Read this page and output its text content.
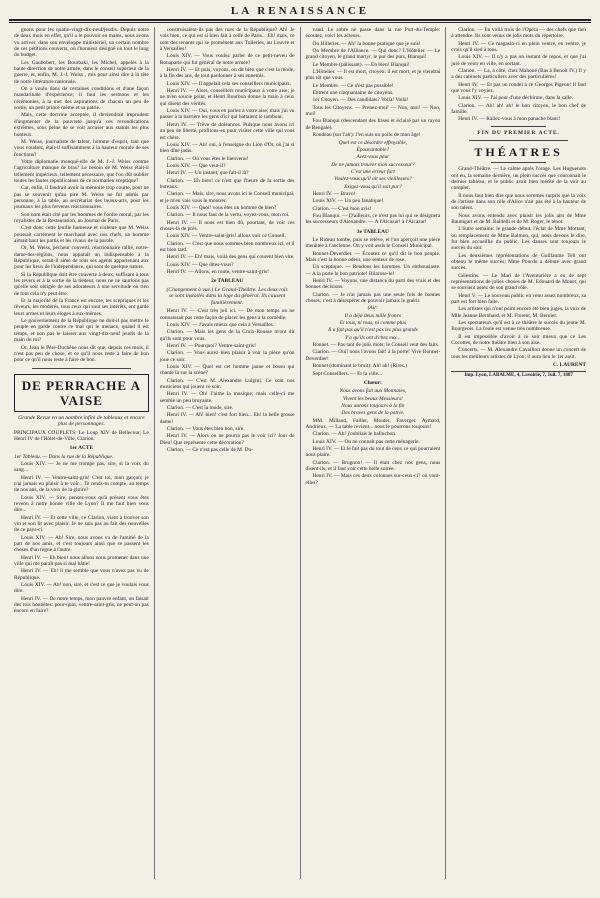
LA RENAISSANCE

gnons pour les quatre-vingt-dix-neuf/jeudis. Depuis notre de deux mois en effet, qu'il a le pouvoir en mains, nous avons vu arriver, dans son enveloppe ministériel, un certain nombre de ces pétitions couverts, où l'honneur désigné où tout le long du budget.

Les Gaubobert, les Bourbaki, les Michel, appelés à la haute direction de notre armée, dans le conseil supérieur de la guerre, et, enfin, M. J.-J. Weiss , mis pour ainsi dire à la tête de notre littérature nationale.

On a voulu dans de certaines conditions et d'une façon mandarinale d'expérience; il faut les sermons et les cérémonies, à la mer des aspirations de chacun un peu de sortie, un petit prince même et sa patrie.

Mais, cette doctrine acceptée, il deviendrait imprudent d'augmenter de la pauvreté jusqu'à ces revendications extrêmes, sous peine de se voir accuser aux statuts les plus honteux.

M. Weiss, journaliste de talent, homme d'esprit, tant que vous voudrez, était-il suffisamment à la hauteur morale de ses fonctions?

Votre diplomatie monqué-elle de M. J.-J. Weiss comme l'agriculture manque de bras? Le besoin de M. Weiss était-il tellement impérieux, tellement nécessaire, que l'on dût oublier toutes les fautes républicaines de ce normalien sceptique?

Car, enfin, il faudrait avoir la mémoire trop courte, pour ne pas se souvenir qu'au pire M. Weiss ne fut admis par personne, à la table, au secrétariat des beaux-arts, pour les journaux les plus fervents réactionnaires.

Son nom était cité par les hommes de l'ordre moral, par les royalistes de la Restauration, au Journal de Paris.

C'est donc cette feuille humeuse et violente que M. Weiss poussait carrément le marchand avec nos chefs, un homme aimait haut les partis et les rivaux de la parole.

Or, M. Weiss, pécheur converti, réactionnaire rallié, notre-dame-des-régions, nous apparaît un indispensable à la République, serait-il aimé de tous ses agents appartenant aux pour les lieux de l'indépendance, qui sont de quelque nature.

Si la République doit être couverte à deux, suffisant à tous les revers et à la sortie de la tiédeur, nous ne ne saurions pas qu'elle soit obligée de ses adorateurs à une servitude où rien de tout cela n'y peut être.

Et la majorité de la France est encore, les sceptiques et les rêveurs, les modérés, tous ceux qui sont ses intérêts, ont gardé leurs armes et leurs éloges à eux-mêmes.

Le gouvernement de la République ne doit-il pas mettre le peuple en garde contre ce mal qui le menace, quand il est temps, et non pas le laisser aux vingt-dix-neuf jeudis de la main du roi?

Or, Jean le Père-Duchêne nous dit que, depuis ces mois, il n'est pas peu de chose, et ce qu'il nous reste à faire de bon pour ce qu'il nous reste à faire de bon.

DE PERRACHE A VAISE
Grande Revue en un nombre infini de tableaux et encore plus de personnages.

PRINCIPAUX COUPLETS: Le Loup XIV de Bellecour, Le Henri IV de l'Hôtel-de-Ville, Clarion.

1er ACTE

1er Tableau. — Dans la rue de la République.

Louis XIV. — Je ne me trompe pas, sire, si la voix du sang...

Henri IV. — Ventre-saint-gris! C'est toi, mon garçon; je n'ai jamais eu plaisir à te voir... Te rends-tu compte, au temps de nos ans, de la voix de la gloire?

Louis XIV. — Sire, pensez-vous qu'à présent vous êtes revenu à notre bonne ville de Lyon? Il me faut bien vous dire...

Henri IV. — Et cette ville, ce Clarion, vient à trouver son vin et son lit avec plaisir. Je ne suis pas au fait des nouvelles de ce pays-ci.

Louis XIV. — Ah! Sire, nous avons vu de l'amitié de la part de nos amis, et c'est toujours ainsi que se passent les choses d'un règne à l'autre.

Henri IV. — Eh bien! nous allons nous promener dans une ville qui me paraît pas si mal bâtie!

Henri IV. — Eh! il me semble que vous n'avez pas vu de République.

Louis XIV. — Ah! non, sire, et c'est ce que je voulais vous dire.

Henri IV. — De notre temps, mon pauvre enfant, on faisait des rois honnêtes: pour-quoi, ventre-saint-gris, ne peut-on pas encore en faire?

construisaient-ils pas des rues de la République? Ah! Je vois bien, ce qui est si bien fait à celle de Paris... Eh! mais, ce sont des tenants qui se promènent aux Tuileries, au Louvre et à Versailles!

Louis XIV. — Vous voulez parler de ce petit-neveu de Bonaparte qui fut général de notre armée?

Henri IV. — Et puis, voyons, on dit bien que c'est la mode, à la fin des ans, de tout pardonner à ses ennemis.

Louis XIV. — Il appelait cela ses conseillers municipaux.

Henri IV. — Alors, conseillers municipaux à votre aise; je ne m'en soucie point, et Henri Bourbon donne la main à ceux qui disent des vérités.

Louis XIV. — Oui, vous en parlez à votre aise; mais j'ai vu passer à la barrière les gens d'ici qui battaient le tambour.

Henri IV. — Trêve de doléances. Puisque nous avons ici un peu de liberté, profitons-en pour visiter cette ville qui vous est chère.

Louis XIV. — Ah! oui, à l'enseigne du Lion d'Or, où j'ai si bien dîné jadis.

Clarion. — Où vous êtes le bienvenu!

Louis XIV. — Que veut-il?

Henri IV. — Un instant, que fait-il là?

Clarion. — Eh bien! ce n'est que l'heure de la sortie des bureaux.

Clarion. — Mais, sire, nous avons ici le Conseil municipal, et je m'en vais vous le montrer.

Louis XIV. — Quoi! vous êtes un homme de bien?

Clarion. — Il nous faut de la vertu, voyez-vous, mon roi.

Henri IV. — Il nous est bien dû, pourtant, de voir ces choses-là de près.

Louis XIV. — Ventre-saint-gris! allons voir ce Conseil.

Clarion. — C'est que nous sommes bien nombreux ici, et il est bien tard.

Henri IV. — Eh! mais, voilà des gens qui courent bien vite.

Louis XIV. — Que dites-vous?

Henri IV. — Allons, en route, ventre-saint-gris!

2e TABLEAU
(Changement à vue.) Le Grand-Théâtre. Les deux rois se sont installés dans la loge du général. Ils causent familièrement.

Henri IV. — C'est très joli ici. — De mon temps on ne connaissait pas cette façon de placer les gens à la comédie.

Louis XIV. — J'avais mieux que cela à Versailles.

Clarion. — Mais les gens de la Croix-Rousse m'ont dit qu'ils sont pour vous.

Henri IV. — Pourquoi? Ventre-saint-gris!

Clarion. — Vous aurez bien plaisir à voir la pièce qu'on joue ce soir.

Louis XIV. — Quel est cet homme jaune et bossu qui chante là sur la scène?

Clarion. — C'est M. Alexandre Luigini. Ce sont nos musiciens qui jouent ce soir.

Henri IV. — Oh! J'aime la musique; mais celle-ci me semble un peu bruyante.

Clarion. — C'est la mode, sire.

Henri IV. — Ah! bien! c'est fort bien... Eh! la belle grosse dame!

Clarion. — Vous êtes bien bon, sire.

Henri IV. — Alors on ne pourra pas le voir ici? Jour de Dieu! Que représente cette décoration?

Clarion. — Ce n'est pas celle de M. Du-

vaud. Le sobre ne passe dans la rue Port-du-Temple: écoutez, voici les acteurs.

On Hillerier. — Ah! la bonne pratique que je suis!

On Membre de l'Alliance. — Qui donc? L'Hôtelier. — Le grand citoyen, le grand martyr, le pur des purs, Blanqui!

Le Membre (pâlissant). — Eh bien! Blanqui!

L'Hôtelier. — Il est mort, citoyen: il est mort, et je viendrai plus tôt que vous.

Le Membre. — Ce n'est pas possible!

Entrent une cinquantaine de citoyens.

1er Citoyen. — Des candidats? Voilà! Voilà!

Tous les Citoyens. — Prenez-moi! — Non, moi! — Non, moi!

Fou Blanqui (descendant des frises et éclairé par un rayon de Bengale).

Rondeau (sur l'air): J'en suis un poilu de mon âge!

Quel est ce désordre effroyable,
Épouvantable?
Avez-vous peur
De ne jamais trouver mon successeur?
C'est une erreur fort
Voulez-vous qu'il ait ses vieillesses?
Exigez-vous qu'il soit pur?

Henri IV. — Bravo!

Louis XIV. — Un peu fanatique!

Clarion. — C'est mon avis!

Fou Blanqui. — D'ailleurs, ce n'est pas lui qui se désignera les successeurs d'Alexandre. — A l'Alcazar! à l'Alcazar!

3e TABLEAU

Le Rideau tombe, puis se relève, et l'on aperçoit une pièce meublée à l'ancienne. On y voit assis le Conseil Municipal.

Bonnet-Deverdier. — Écoutez ce qu'il dit le bon peuple. Mais c'est la bonne odeur, une senteur de rose.

Un sceptique. — Rendons les hommes. Un enthousiaste. — A la porte le bon patriote! Bilarose-le!

Henri IV. — Voyons, une distance du parti des vrais et des bonnes décisions.

Clarion. — Je n'ai jamais pas une seule fois de bonnes choses; c'est à désespérer de pouvoir jamais le guérir.

(Air:
Il a déjà deux mille francs
Et tous, ni tous, ni comme plus
Il a fait pas qu'il n'est pas les plus grands
Y'a qu'ils ont d'chez eux...

Bonnet. — Pas tant de jolis mots; le Conseil veut des faits.

Clarion. — Oui! nous l'avons fait! à la porte! Vive Bonnet-Deverdier!

Bonnet (dominant le bruit): Ah! ah! (Rires.)

Sept Conseillers. — Et la ville...

Chœur:
Nous avons fait aux Monnaies,
Vivent les beaux Messieurs!
Nous aurons toujours à la fin
Des braves gens de la patrie.

MM. Millaud, Faillet, Mouter, Faverger. Aymard, Andrieux. — La table revient... nous le pourrons toujours!

Clarion. — Ah! j'oubliais le balluchon.

Louis XIV. — On ne connaît pas cette ménagerie.

Henri IV. — Et le fait pas du tout de ceux ce qui pourraient nous plaire.

Clarion. — Brugnon! — Il était chez nos gens, nous disent-ils, et il faut voir cette belle soirée.

Henri IV. — Mais ces deux colonnes sur-ceux-ci? où vont-elles?

Clarion. — En voilà trois de l'Opéra — des chefs que rien à attendre. Ils sont venus de jolis mots du répertoire.

Henri IV. — Ce magasin-ci en plein ventre, en ventre, je crois qu'il sied à tous.

Louis XIV. — Il n'y a pas un instant de repos, et que j'ai juré de venir en ville, en sortant.

Clarion. — La, à côté, chez Mahoné (Bas à Benoît IV.) Il y a des cabinets particuliers avec des particulières!

Henri IV. — Et pas un rondel à ce Georges Pigeon! Il faut que vous l'y voyiez.

Louis XIV. — J'ai peur d'une déchirure, dans la salle.

Clarion. — Ah! ah! ah! le bon citoyen, le bon chef de famille.

Henri IV. — Rallez-vous à mon panache blanc!

FIN DU PREMIER ACTE.
THÉATRES

Grand-Théâtre. — Le calme après l'orage. Les Huguenots ont eu, la semaine dernière, un plein succès que couronnait le dernier tableau, et le public avait bien mérité de la voir au complet.

Il nous faut bien dire que nous sommes surpris que la voix de l'artiste dans son rôle d'Alice n'ait pas été à la hauteur de son talent.

Nous avons entendu avec plaisir les jolis airs de Mme Baumgart et de M. Baldelli et de M. Roger, le ténor.

L'ôutre semaine: le grande début, l'éclat de Mme Mottant, ou remplacement de Mme Balmon, qui, nous devons le dire, fut bien accueillie du public. Les danses sont toujours le succès du soir.

Les deuxièmes représentations de Guillaume Tell ont obtenu le même succès; Mme Pourdu a débuté avec grand succès.

Célestins. — Le Mari de l'Aventurière a eu de sept représentations de jolies choses de M. Edouard de Monet, qui se souvient assez de son grand rôle.

Henri V. — Le nouveau public en venu assez nombreux, sa part est fort bien faite.

Les artistes qui n'ont point encore été bien jugés, la voix de Mlle Jeanne Bernhard, et M. Florent, M. Bernier.

Les spectateurs qu'il est à ce théâtre le succès du jeune M. Bourgeois. La foule est venue très nombreuse.

Il est impossible d'avoir à ce soir mieux que ce Les Cocottes, de notre théâtre bien à son aise.

Concerts. — M. Alexandre Cavaillon donne un concert de tous les meilleurs artistes de Lyon; il aura lieu le 1er août.

C. LAURENT
Imp. Lyon, LABALME, 4, Lavoirie, 7, Juil. 7, 1887
